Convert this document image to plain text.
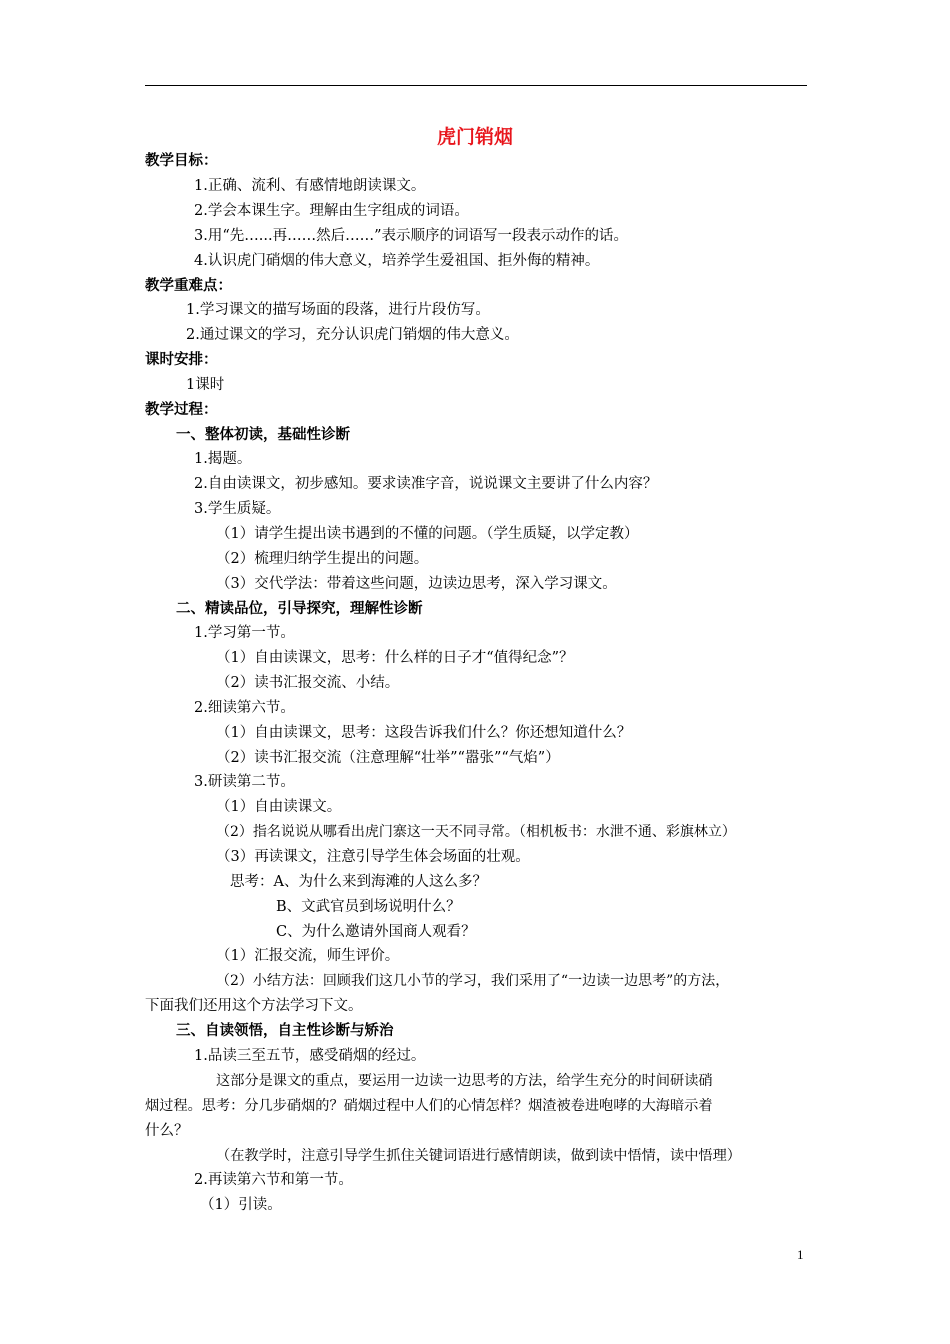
虎门销烟
教学目标：
1.正确、流利、有感情地朗读课文。
2.学会本课生字。理解由生字组成的词语。
3.用“先…...再……然后……”表示顺序的词语写一段表示动作的话。
4.认识虎门硝烟的伟大意义，培养学生爱祖国、拒外侮的精神。
教学重难点：
1.学习课文的描写场面的段落，进行片段仿写。
2.通过课文的学习，充分认识虎门销烟的伟大意义。
课时安排：
1课时
教学过程：
一、整体初读，基础性诊断
1.揭题。
2.自由读课文，初步感知。要求读准字音，说说课文主要讲了什么内容？
3.学生质疑。
（1）请学生提出读书遇到的不懂的问题。（学生质疑，以学定教）
（2）梳理归纳学生提出的问题。
（3）交代学法：带着这些问题，边读边思考，深入学习课文。
二、精读品位，引导探究，理解性诊断
1.学习第一节。
（1）自由读课文，思考：什么样的日子才“值得纪念”？
（2）读书汇报交流、小结。
2.细读第六节。
（1）自由读课文，思考：这段告诉我们什么？你还想知道什么？
（2）读书汇报交流（注意理解“壮举”“嚣张”“气焰”）
3.研读第二节。
（1）自由读课文。
（2）指名说说从哪看出虎门寨这一天不同寻常。（相机板书：水泄不通、彩旗林立）
（3）再读课文，注意引导学生体会场面的壮观。
思考：A、为什么来到海滩的人这么多？
B、文武官员到场说明什么？
C、为什么邀请外国商人观看？
（1）汇报交流，师生评价。
（2）小结方法：回顾我们这几小节的学习，我们采用了“一边读一边思考”的方法，
下面我们还用这个方法学习下文。
三、自读领悟，自主性诊断与矫治
1.品读三至五节，感受硝烟的经过。
这部分是课文的重点，要运用一边读一边思考的方法，给学生充分的时间研读硝
烟过程。思考：分几步硝烟的？硝烟过程中人们的心情怎样？烟渣被卷进咆哮的大海暗示着
什么？
（在教学时，注意引导学生抓住关键词语进行感情朗读，做到读中悟情，读中悟理）
2.再读第六节和第一节。
（1）引读。
1
